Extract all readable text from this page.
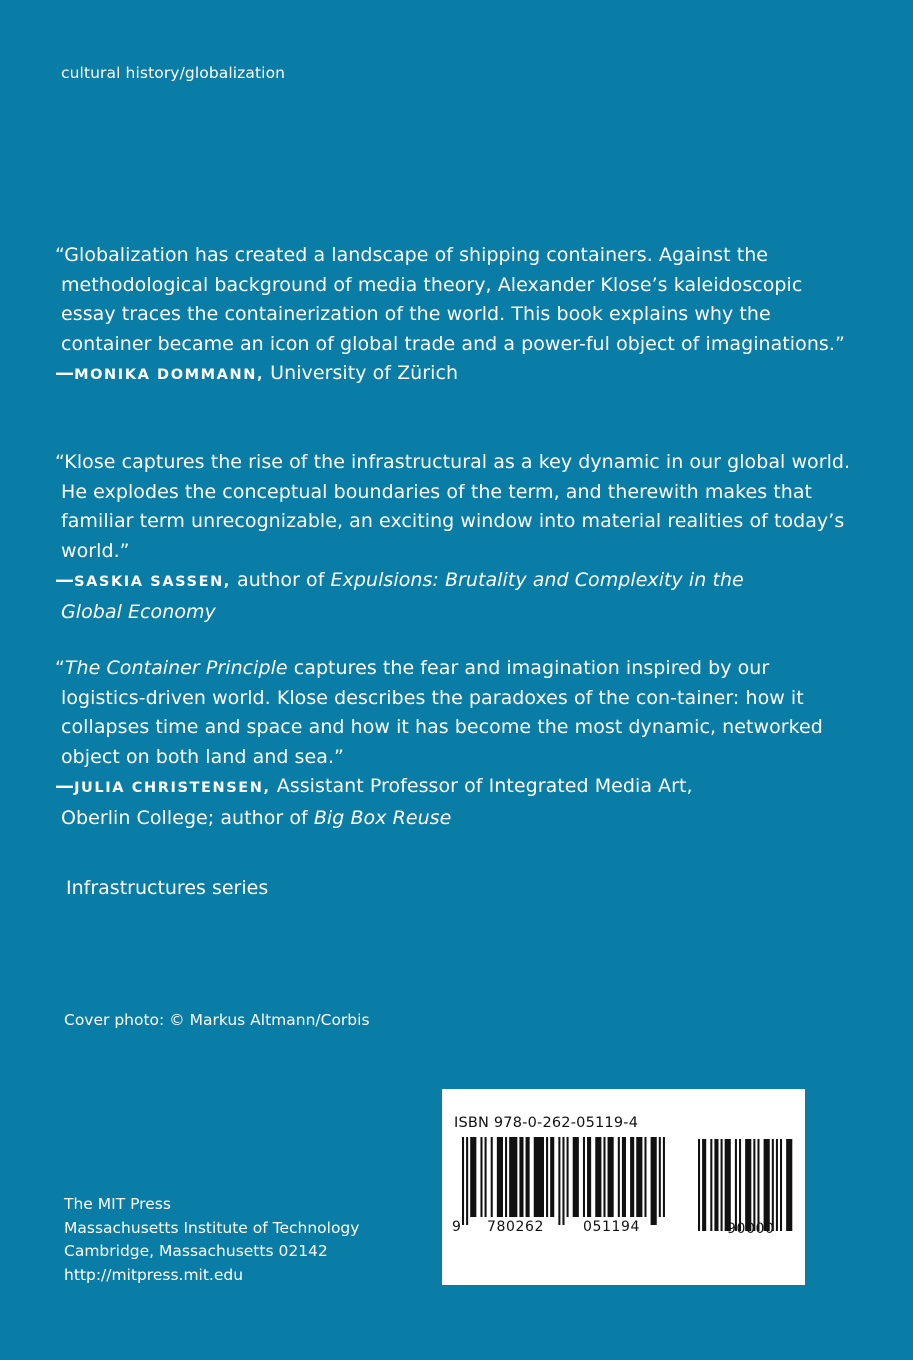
cultural history/globalization
“Globalization has created a landscape of shipping containers. Against the methodological background of media theory, Alexander Klose’s kaleidoscopic essay traces the containerization of the world. This book explains why the container became an icon of global trade and a power-ful object of imaginations.”
—MONIKA DOMMANN, University of Zürich
“Klose captures the rise of the infrastructural as a key dynamic in our global world. He explodes the conceptual boundaries of the term, and therewith makes that familiar term unrecognizable, an exciting window into material realities of today’s world.”
—SASKIA SASSEN, author of Expulsions: Brutality and Complexity in the
Global Economy
“The Container Principle captures the fear and imagination inspired by our logistics-driven world. Klose describes the paradoxes of the con-tainer: how it collapses time and space and how it has become the most dynamic, networked object on both land and sea.”
—JULIA CHRISTENSEN, Assistant Professor of Integrated Media Art,
Oberlin College; author of Big Box Reuse
Infrastructures series
Cover photo: © Markus Altmann/Corbis
The MIT Press
Massachusetts Institute of Technology
Cambridge, Massachusetts 02142
http://mitpress.mit.edu
ISBN 978-0-262-05119-4
9 780262	051194	90000
